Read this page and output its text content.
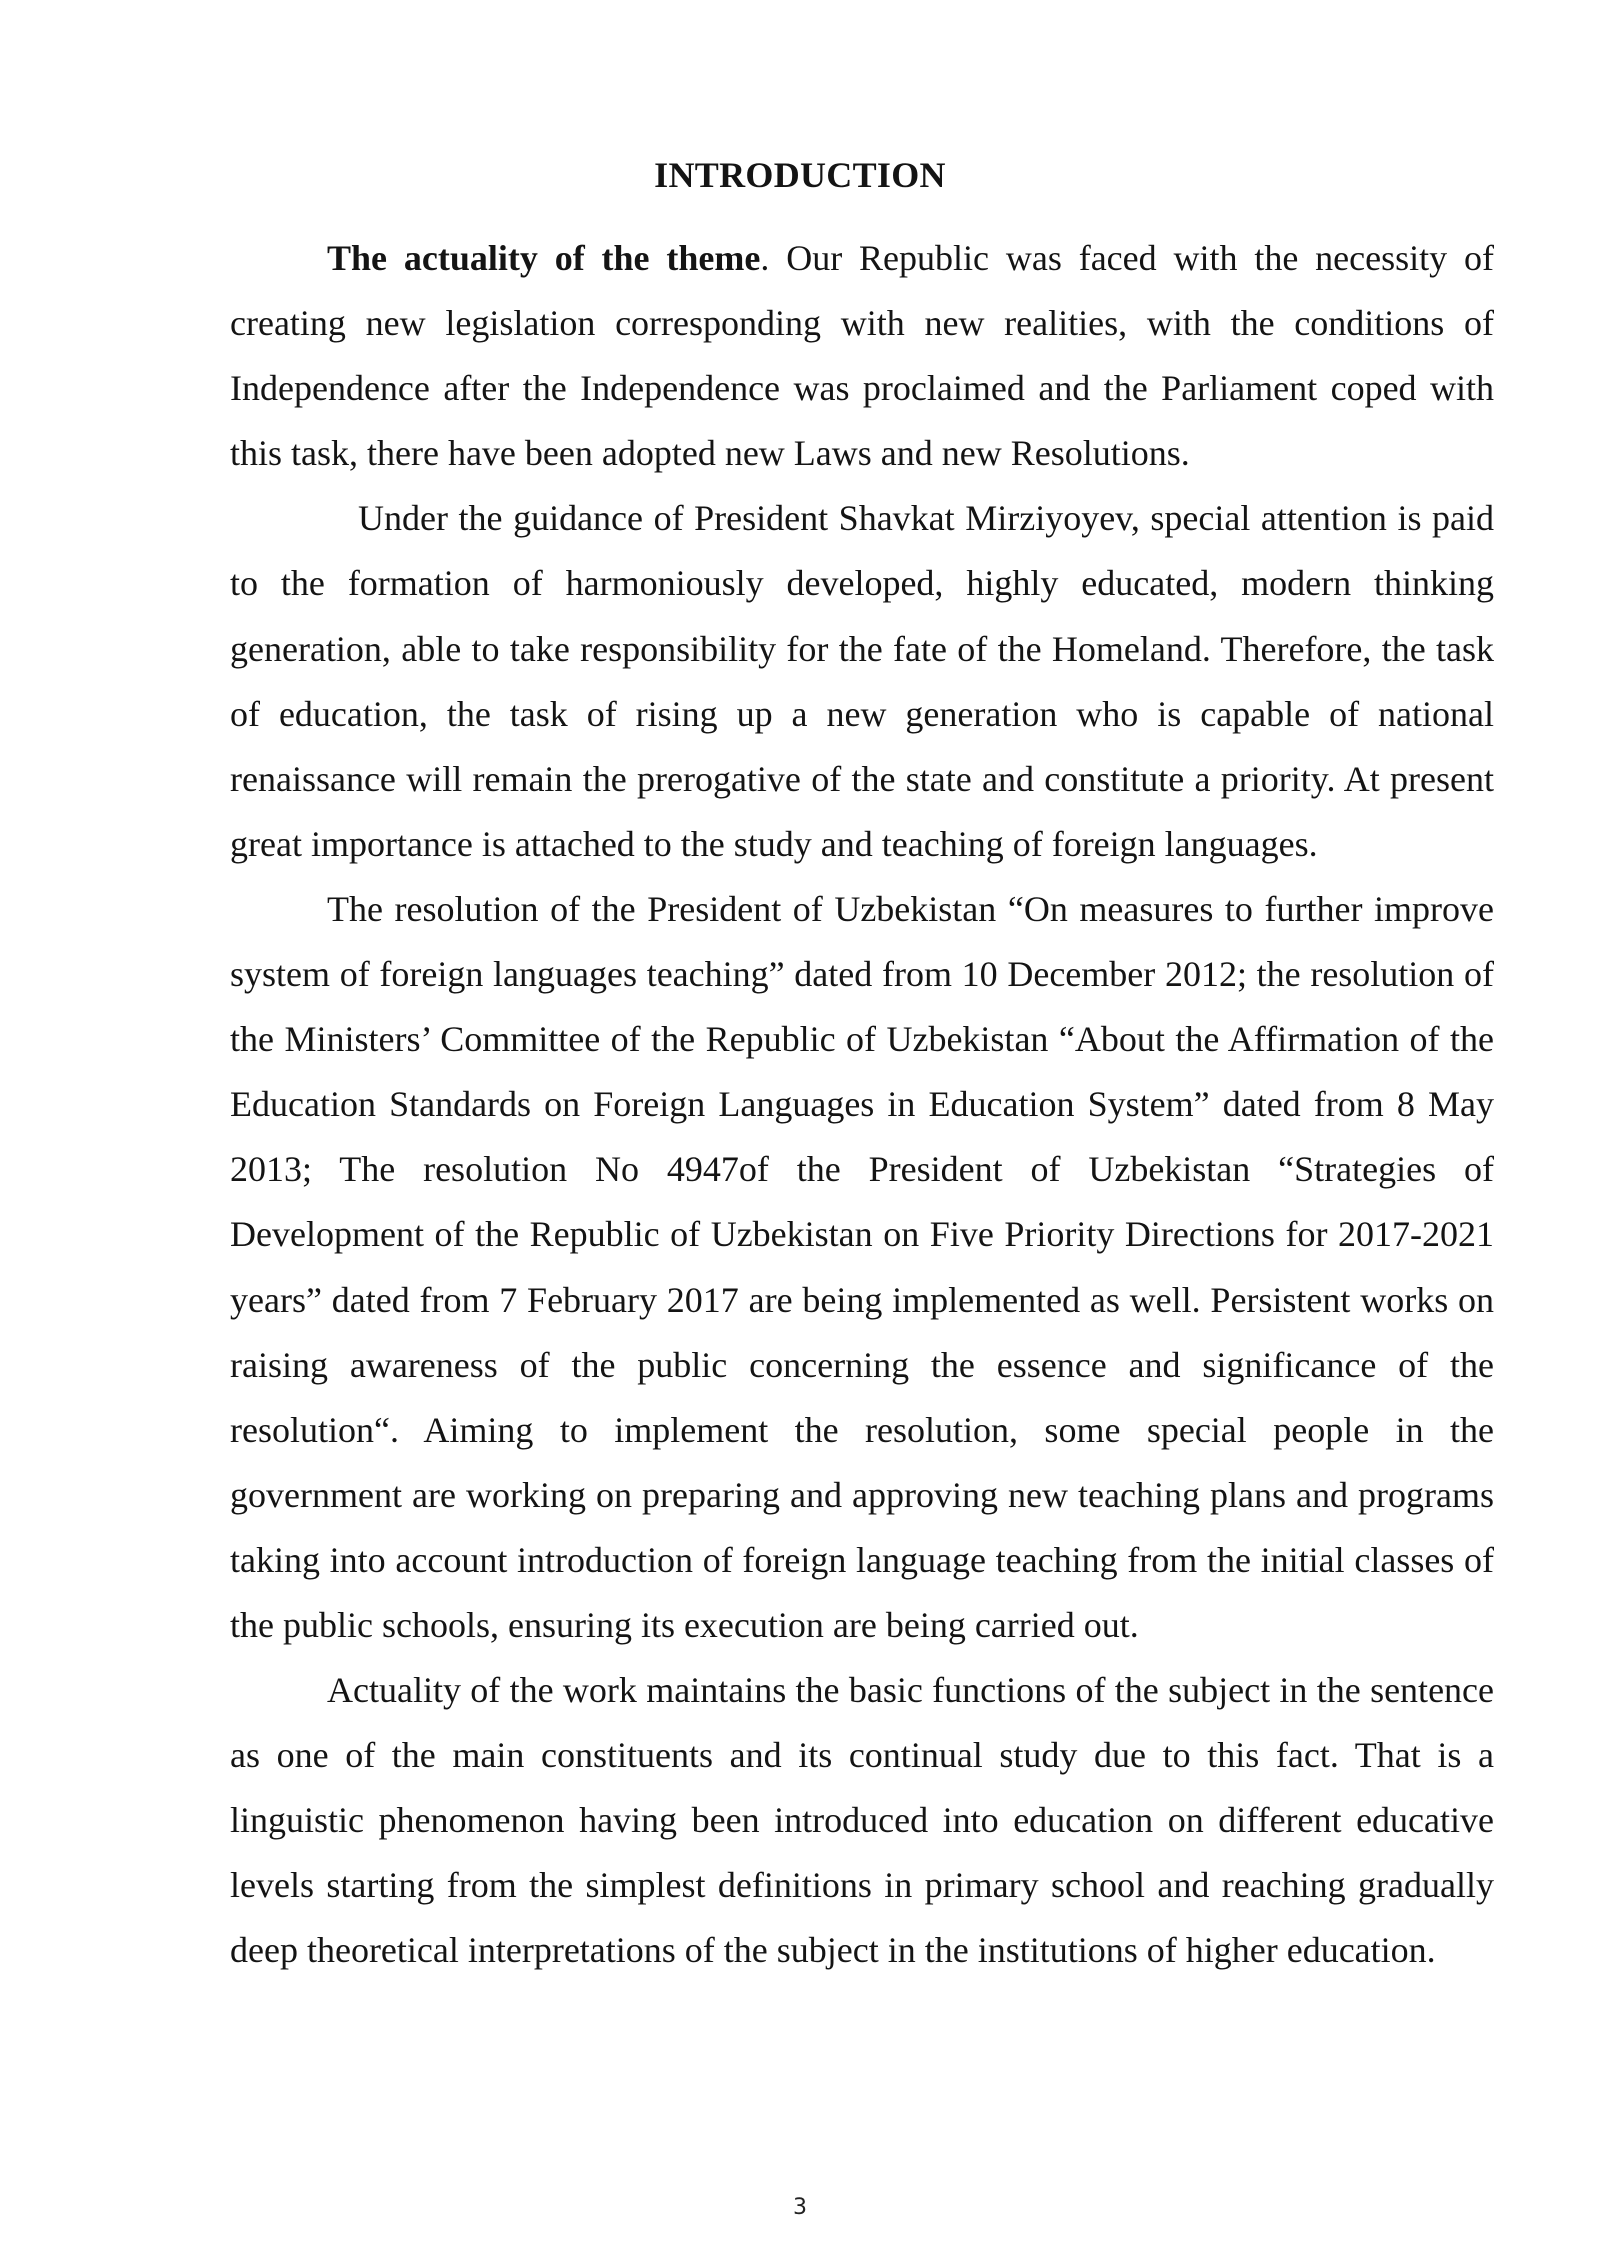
INTRODUCTION

The actuality of the theme. Our Republic was faced with the necessity of creating new legislation corresponding with new realities, with the conditions of Independence after the Independence was proclaimed and the Parliament coped with this task, there have been adopted new Laws and new Resolutions.

Under the guidance of President Shavkat Mirziyoyev, special attention is paid to the formation of harmoniously developed, highly educated, modern thinking generation, able to take responsibility for the fate of the Homeland. Therefore, the task of education, the task of rising up a new generation who is capable of national renaissance will remain the prerogative of the state and constitute a priority. At present great importance is attached to the study and teaching of foreign languages.

The resolution of the President of Uzbekistan “On measures to further improve system of foreign languages teaching” dated from 10 December 2012; the resolution of the Ministers’ Committee of the Republic of Uzbekistan “About the Affirmation of the Education Standards on Foreign Languages in Education System” dated from 8 May 2013; The resolution No 4947of the President of Uzbekistan “Strategies of Development of the Republic of Uzbekistan on Five Priority Directions for 2017-2021 years” dated from 7 February 2017 are being implemented as well. Persistent works on raising awareness of the public concerning the essence and significance of the resolution“. Aiming to implement the resolution, some special people in the government are working on preparing and approving new teaching plans and programs taking into account introduction of foreign language teaching from the initial classes of the public schools, ensuring its execution are being carried out.

Actuality of the work maintains the basic functions of the subject in the sentence as one of the main constituents and its continual study due to this fact. That is a linguistic phenomenon having been introduced into education on different educative levels starting from the simplest definitions in primary school and reaching gradually deep theoretical interpretations of the subject in the institutions of higher education.

3
